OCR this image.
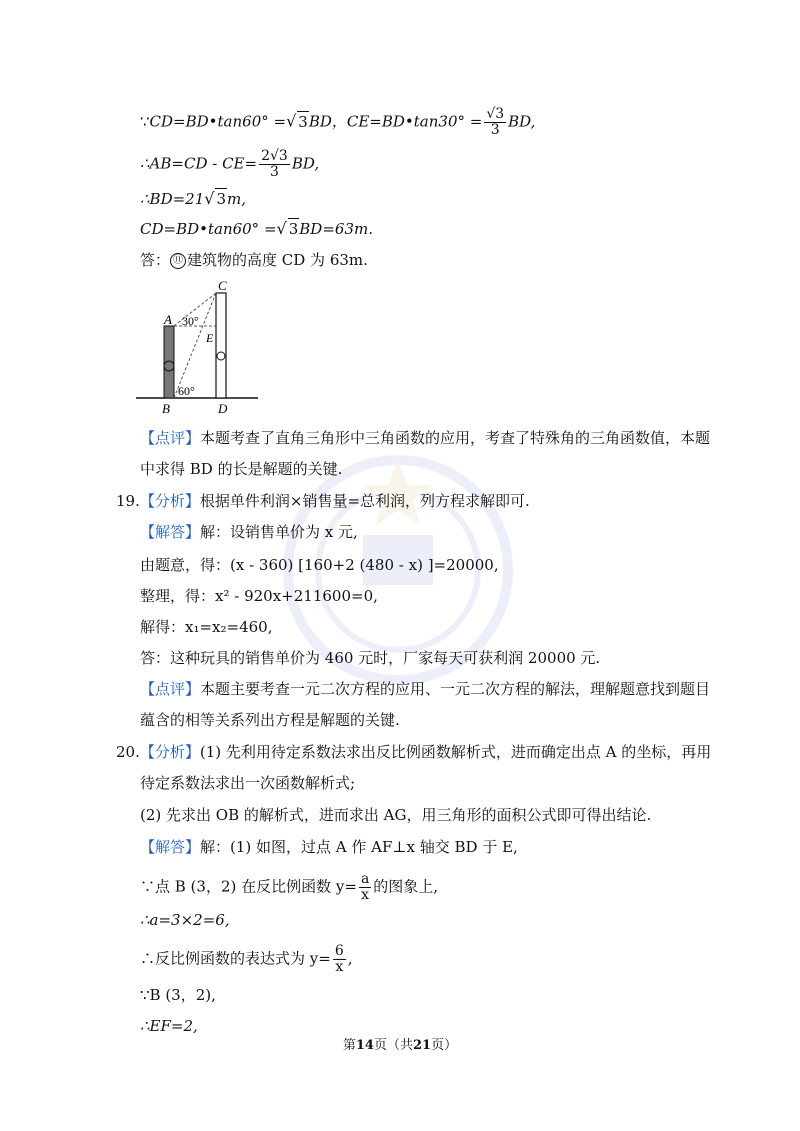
∵CD=BD•tan60° =√ 3BD，CE=BD•tan30° = $\frac{√3}{3}$ BD,
∴AB=CD - $CE= \frac{2√3}{3}$ BD,
∴BD=21√ 3m,
CD=BD•tan60° =√ 3BD=63m.
答： ⑪ 建筑物的高度 CD 为 63m.
C
A
E
B	D
30°
60°
【点评】本题考查了直角三角形中三角函数的应用，考查了特殊角的三角函数值，本题
中求得 BD 的长是解题的关键.
19.【分析】根据单件利润×销售量=总利润，列方程求解即可.
【解答】解：设销售单价为 x 元,
由题意，得：(x - 360) [160+2 (480 - x) ]=20000,
整理，得：x² - 920x+211600=0,
解得：x₁=x₂=460,
答：这种玩具的销售单价为 460 元时，厂家每天可获利润 20000 元.
【点评】本题主要考查一元二次方程的应用、一元二次方程的解法，理解题意找到题目
蕴含的相等关系列出方程是解题的关键.
20.【分析】(1) 先利用待定系数法求出反比例函数解析式，进而确定出点 A 的坐标，再用
待定系数法求出一次函数解析式;
(2) 先求出 OB 的解析式，进而求出 AG，用三角形的面积公式即可得出结论.
【解答】解：(1) 如图，过点 A 作 AF⊥x 轴交 BD 于 E,
∵点 B (3，2) 在反比例函数 $y= \frac{a}{x}$ 的图象上,
∴a=3×2=6,
∴反比例函数的表达式为 $y= \frac{6}{x}$ ,
∵B (3，2),
∴EF=2,
第14页（共21页）
